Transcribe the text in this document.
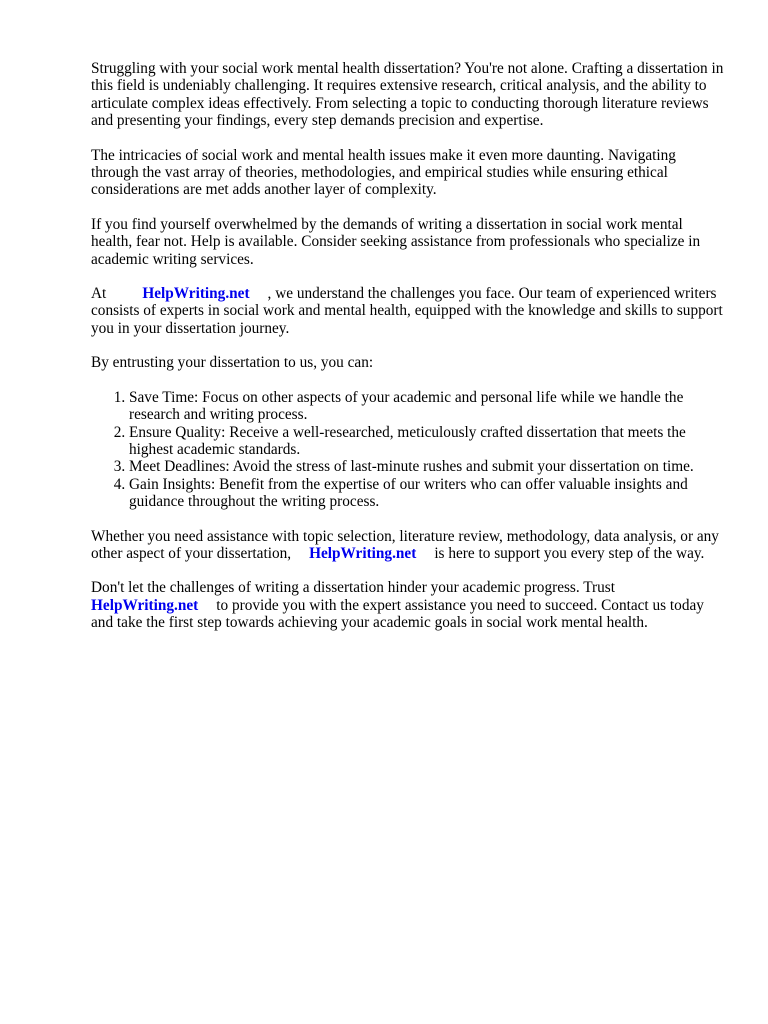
Struggling with your social work mental health dissertation? You're not alone. Crafting a dissertation in this field is undeniably challenging. It requires extensive research, critical analysis, and the ability to articulate complex ideas effectively. From selecting a topic to conducting thorough literature reviews and presenting your findings, every step demands precision and expertise.

The intricacies of social work and mental health issues make it even more daunting. Navigating through the vast array of theories, methodologies, and empirical studies while ensuring ethical considerations are met adds another layer of complexity.

If you find yourself overwhelmed by the demands of writing a dissertation in social work mental health, fear not. Help is available. Consider seeking assistance from professionals who specialize in academic writing services.

At HelpWriting.net , we understand the challenges you face. Our team of experienced writers consists of experts in social work and mental health, equipped with the knowledge and skills to support you in your dissertation journey.

By entrusting your dissertation to us, you can:

1. Save Time: Focus on other aspects of your academic and personal life while we handle the research and writing process.
2. Ensure Quality: Receive a well-researched, meticulously crafted dissertation that meets the highest academic standards.
3. Meet Deadlines: Avoid the stress of last-minute rushes and submit your dissertation on time.
4. Gain Insights: Benefit from the expertise of our writers who can offer valuable insights and guidance throughout the writing process.

Whether you need assistance with topic selection, literature review, methodology, data analysis, or any other aspect of your dissertation, HelpWriting.net is here to support you every step of the way.

Don't let the challenges of writing a dissertation hinder your academic progress. Trust HelpWriting.net to provide you with the expert assistance you need to succeed. Contact us today and take the first step towards achieving your academic goals in social work mental health.
